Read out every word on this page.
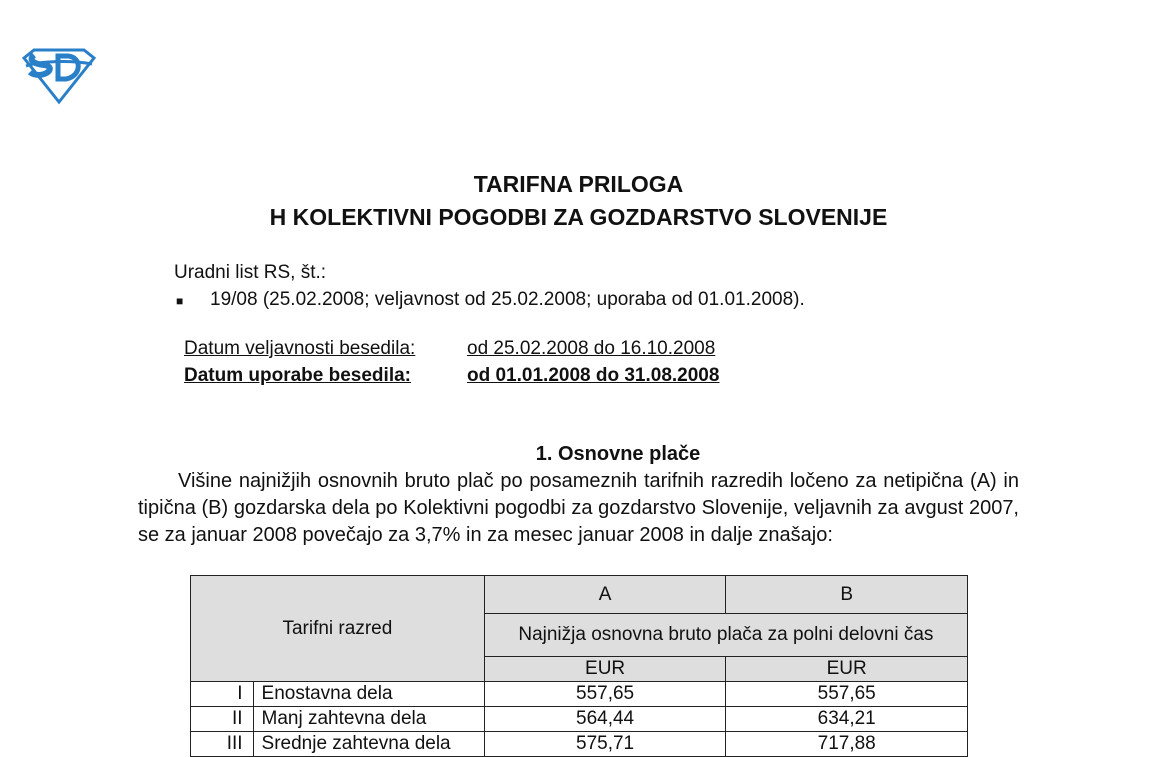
TARIFNA PRILOGA
H KOLEKTIVNI POGODBI ZA GOZDARSTVO SLOVENIJE
Uradni list RS, št.:
■	19/08 (25.02.2008; veljavnost od 25.02.2008; uporaba od 01.01.2008).
Datum veljavnosti besedila:	od 25.02.2008 do 16.10.2008
Datum uporabe besedila:	od 01.01.2008 do 31.08.2008
1. Osnovne plače

Višine najnižjih osnovnih bruto plač po posameznih tarifnih razredih ločeno za netipična (A) in tipična (B) gozdarska dela po Kolektivni pogodbi za gozdarstvo Slovenije, veljavnih za avgust 2007, se za januar 2008 povečajo za 3,7% in za mesec januar 2008 in dalje znašajo:

Tarifni razred		A	B
		Najnižja osnovna bruto plača za polni delovni čas	
		EUR	EUR
I	Enostavna dela	557,65	557,65
II	Manj zahtevna dela	564,44	634,21
III	Srednje zahtevna dela	575,71	717,88
